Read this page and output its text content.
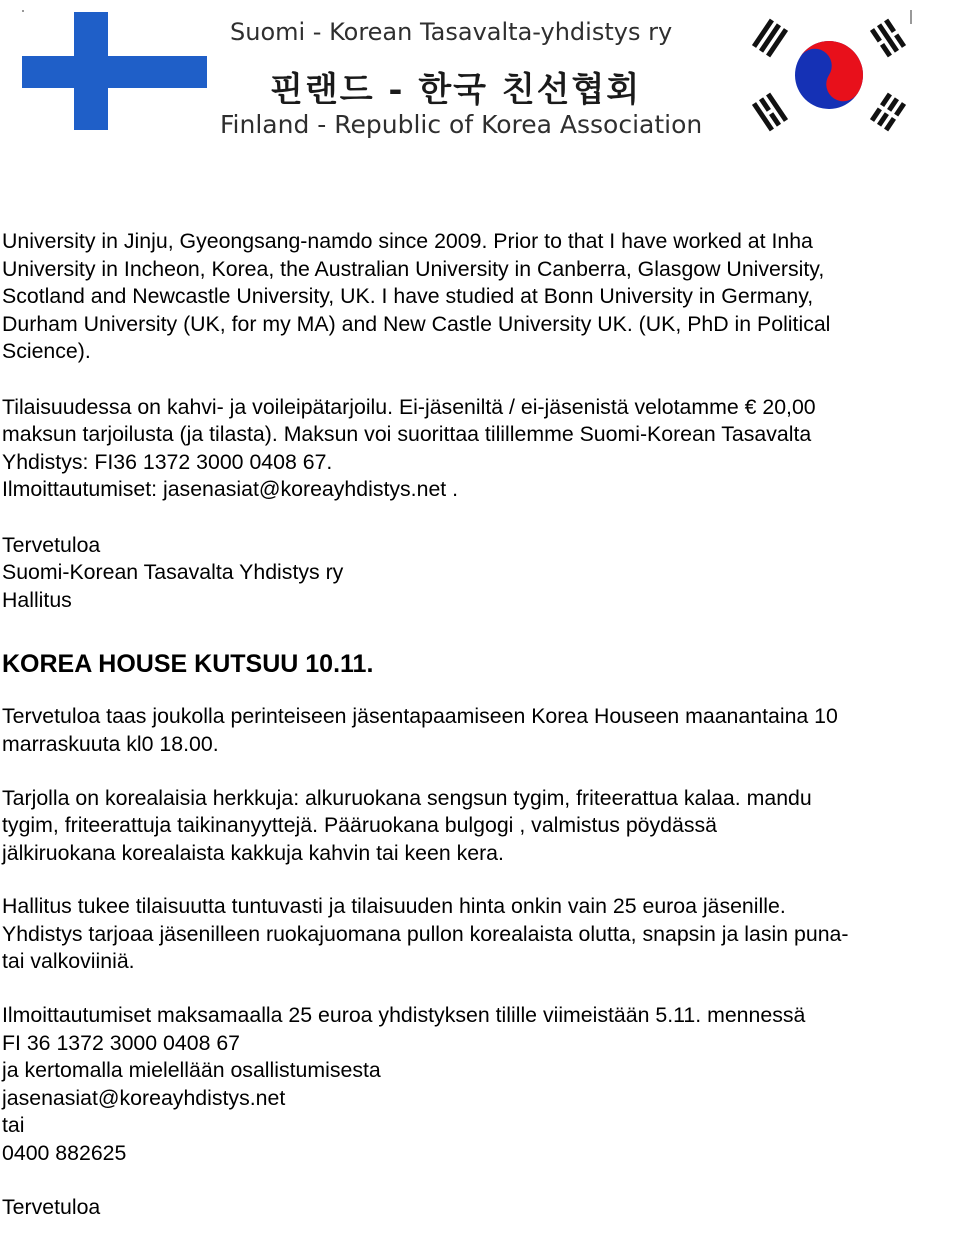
Suomi - Korean Tasavalta-yhdistys ry
핀랜드 - 한국 친선협회
Finland - Republic of Korea Association
University in Jinju, Gyeongsang-namdo since 2009. Prior to that I have worked at Inha
University in Incheon, Korea, the Australian University in Canberra, Glasgow University,
Scotland and Newcastle University, UK. I have studied at Bonn University in Germany,
Durham University (UK, for my MA) and New Castle University UK. (UK, PhD in Political
Science).
Tilaisuudessa on kahvi- ja voileipätarjoilu. Ei-jäseniltä / ei-jäsenistä velotamme € 20,00
maksun tarjoilusta (ja tilasta). Maksun voi suorittaa tilillemme Suomi-Korean Tasavalta
Yhdistys: FI36 1372 3000 0408 67.
Ilmoittautumiset: jasenasiat@koreayhdistys.net .
Tervetuloa
Suomi-Korean Tasavalta Yhdistys ry
Hallitus
KOREA HOUSE KUTSUU 10.11.
Tervetuloa taas joukolla perinteiseen jäsentapaamiseen Korea Houseen maanantaina 10
marraskuuta kl0 18.00.
Tarjolla on korealaisia herkkuja: alkuruokana sengsun tygim, friteerattua kalaa. mandu
tygim, friteerattuja taikinanyyttejä. Pääruokana bulgogi , valmistus pöydässä
jälkiruokana korealaista kakkuja kahvin tai keen kera.
Hallitus tukee tilaisuutta tuntuvasti ja tilaisuuden hinta onkin vain 25 euroa jäsenille.
Yhdistys tarjoaa jäsenilleen ruokajuomana pullon korealaista olutta, snapsin ja lasin puna-
tai valkoviiniä.
Ilmoittautumiset maksamaalla 25 euroa yhdistyksen tilille viimeistään 5.11. mennessä
FI 36 1372 3000 0408 67
ja kertomalla mielellään osallistumisesta
jasenasiat@koreayhdistys.net
tai
0400 882625
Tervetuloa
